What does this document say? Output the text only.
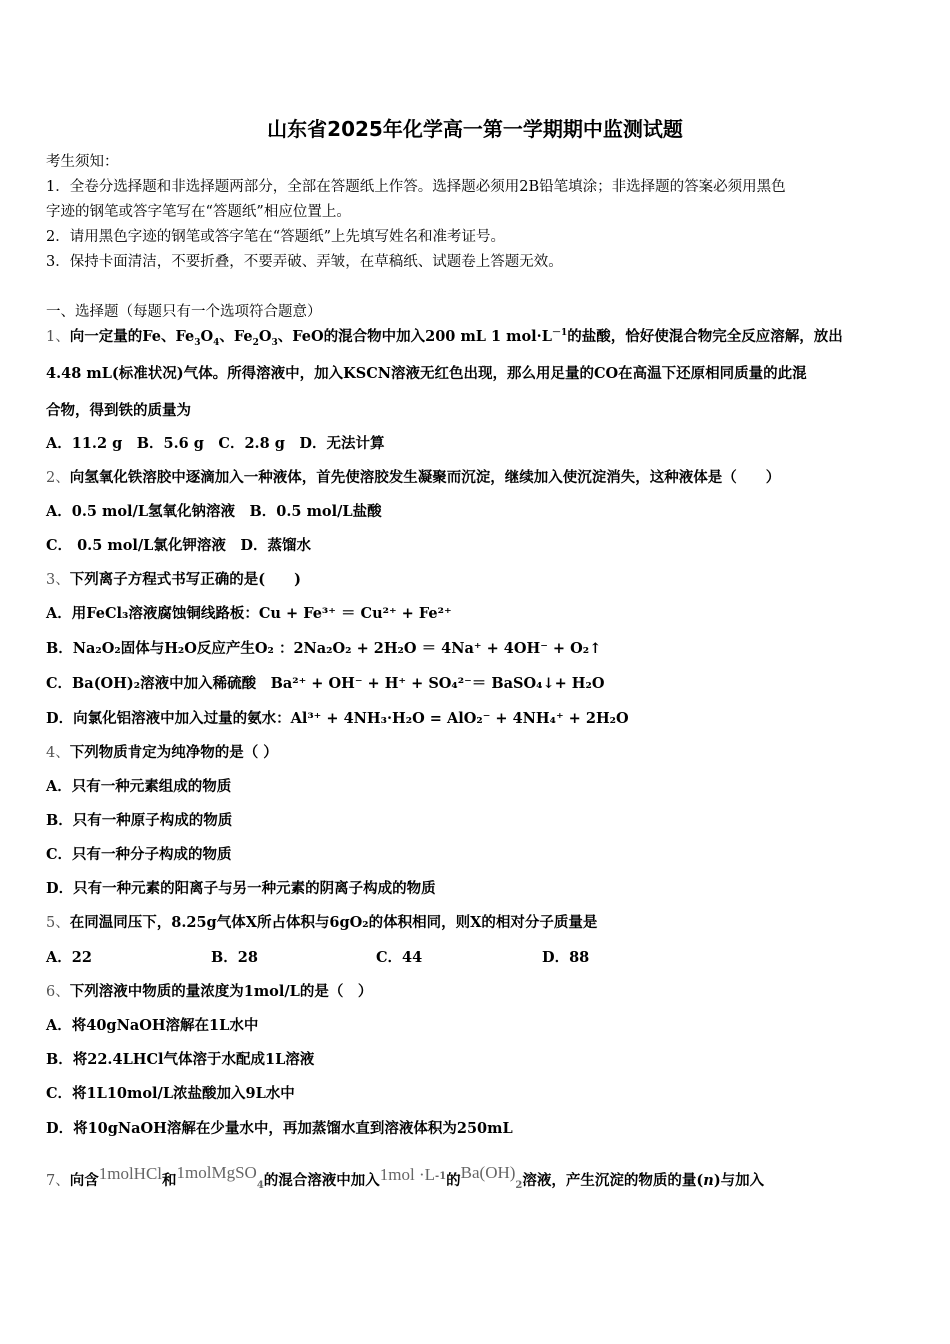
山东省2025年化学高一第一学期期中监测试题
考生须知：
1．全卷分选择题和非选择题两部分，全部在答题纸上作答。选择题必须用2B铅笔填涂；非选择题的答案必须用黑色
字迹的钢笔或答字笔写在“答题纸”相应位置上。
2．请用黑色字迹的钢笔或答字笔在“答题纸”上先填写姓名和准考证号。
3．保持卡面清洁，不要折叠，不要弄破、弄皱，在草稿纸、试题卷上答题无效。
一、选择题（每题只有一个选项符合题意）
1、向一定量的Fe、$Fe_3O_4$、$Fe_2O_3$、FeO的混合物中加入200 mL 1 $mol\cdot L^{-1}$的盐酸，恰好使混合物完全反应溶解，放出
4.48 mL(标准状况)气体。所得溶液中，加入KSCN溶液无红色出现，那么用足量的CO在高温下还原相同质量的此混
合物，得到铁的质量为
A．11.2 g　B．5.6 g　C．2.8 g　D．无法计算
2、向氢氧化铁溶胶中逐滴加入一种液体，首先使溶胶发生凝聚而沉淀，继续加入使沉淀消失，这种液体是（　　）
A．0.5 mol/L氢氧化钠溶液　B．0.5 mol/L盐酸
C． 0.5 mol/L氯化钾溶液　D．蒸馏水
3、下列离子方程式书写正确的是(　　)
A．用FeCl₃溶液腐蚀铜线路板：Cu + Fe³⁺ ＝ Cu²⁺ + Fe²⁺
B．Na₂O₂固体与H₂O反应产生O₂ ：2Na₂O₂ + 2H₂O ＝ 4Na⁺ + 4OH⁻ + O₂↑
C．Ba(OH)₂溶液中加入稀硫酸　Ba²⁺ + OH⁻ + H⁺ + SO₄²⁻＝ BaSO₄↓+ H₂O
D．向氯化铝溶液中加入过量的氨水：Al³⁺ + 4NH₃·H₂O = AlO₂⁻ + 4NH₄⁺ + 2H₂O
4、下列物质肯定为纯净物的是（ ）
A．只有一种元素组成的物质
B．只有一种原子构成的物质
C．只有一种分子构成的物质
D．只有一种元素的阳离子与另一种元素的阴离子构成的物质
5、在同温同压下，8.25g气体X所占体积与6gO₂的体积相同，则X的相对分子质量是
A．22	B．28	C．44	D．88
6、下列溶液中物质的量浓度为1mol/L的是（　）
A．将40gNaOH溶解在1L水中
B．将22.4LHCl气体溶于水配成1L溶液
C．将1L10mol/L浓盐酸加入9L水中
D．将10gNaOH溶解在少量水中，再加蒸馏水直到溶液体积为250mL
7、向含1molHCl和1molMgSO$_4$的混合溶液中加入$1mol \cdot L^{-1}$的$Ba(OH)_2$溶液，产生沉淀的物质的量(n)与加入
